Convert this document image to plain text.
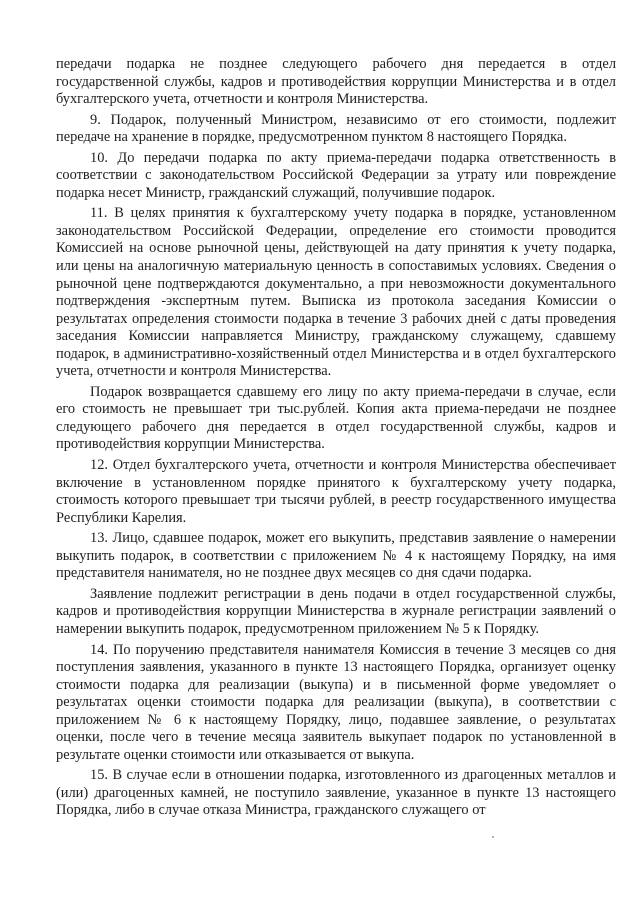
передачи подарка не позднее следующего рабочего дня передается в отдел государственной службы, кадров и противодействия коррупции Министерства и в отдел бухгалтерского учета, отчетности и контроля Министерства.

9. Подарок, полученный Министром, независимо от его стоимости, подлежит передаче на хранение в порядке, предусмотренном пунктом 8 настоящего Порядка.

10. До передачи подарка по акту приема-передачи подарка ответственность в соответствии с законодательством Российской Федерации за утрату или повреждение подарка несет Министр, гражданский служащий, получившие подарок.

11. В целях принятия к бухгалтерскому учету подарка в порядке, установленном законодательством Российской Федерации, определение его стоимости проводится Комиссией на основе рыночной цены, действующей на дату принятия к учету подарка, или цены на аналогичную материальную ценность в сопоставимых условиях. Сведения о рыночной цене подтверждаются документально, а при невозможности документального подтверждения -экспертным путем. Выписка из протокола заседания Комиссии о результатах определения стоимости подарка в течение 3 рабочих дней с даты проведения заседания Комиссии направляется Министру, гражданскому служащему, сдавшему подарок, в административно-хозяйственный отдел Министерства и в отдел бухгалтерского учета, отчетности и контроля Министерства.

Подарок возвращается сдавшему его лицу по акту приема-передачи в случае, если его стоимость не превышает три тыс.рублей. Копия акта приема-передачи не позднее следующего рабочего дня передается в отдел государственной службы, кадров и противодействия коррупции Министерства.

12. Отдел бухгалтерского учета, отчетности и контроля Министерства обеспечивает включение в установленном порядке принятого к бухгалтерскому учету подарка, стоимость которого превышает три тысячи рублей, в реестр государственного имущества Республики Карелия.

13. Лицо, сдавшее подарок, может его выкупить, представив заявление о намерении выкупить подарок, в соответствии с приложением № 4 к настоящему Порядку, на имя представителя нанимателя, но не позднее двух месяцев со дня сдачи подарка.

Заявление подлежит регистрации в день подачи в отдел государственной службы, кадров и противодействия коррупции Министерства в журнале регистрации заявлений о намерении выкупить подарок, предусмотренном приложением № 5 к Порядку.

14. По поручению представителя нанимателя Комиссия в течение 3 месяцев со дня поступления заявления, указанного в пункте 13 настоящего Порядка, организует оценку стоимости подарка для реализации (выкупа) и в письменной форме уведомляет о результатах оценки стоимости подарка для реализации (выкупа), в соответствии с приложением № 6 к настоящему Порядку, лицо, подавшее заявление, о результатах оценки, после чего в течение месяца заявитель выкупает подарок по установленной в результате оценки стоимости или отказывается от выкупа.

15. В случае если в отношении подарка, изготовленного из драгоценных металлов и (или) драгоценных камней, не поступило заявление, указанное в пункте 13 настоящего Порядка, либо в случае отказа Министра, гражданского служащего от
